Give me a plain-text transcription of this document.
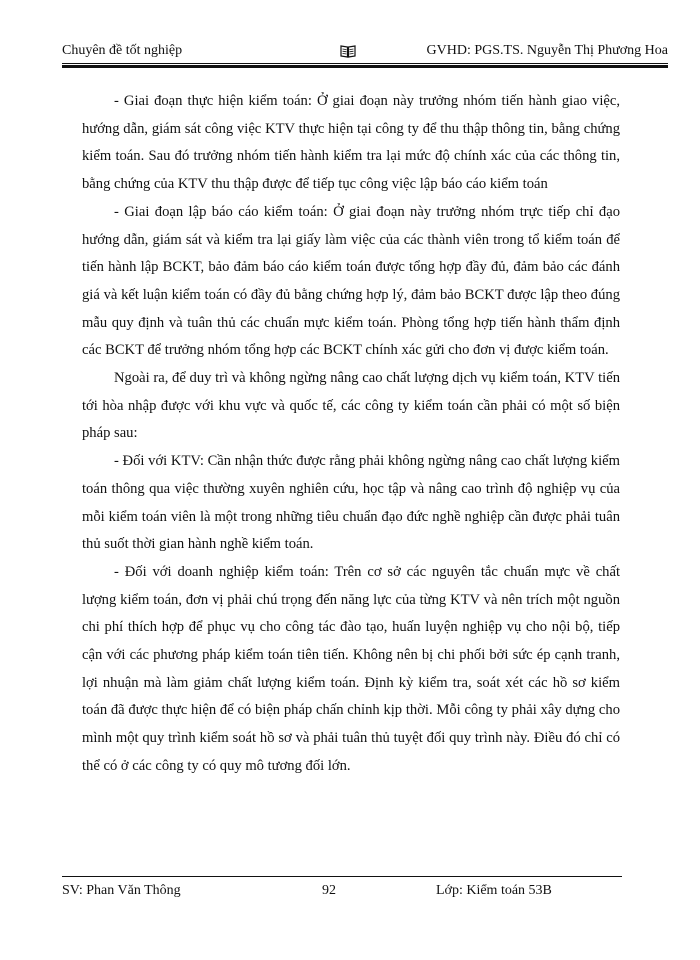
Chuyên đề tốt nghiệp	GVHD: PGS.TS. Nguyễn Thị Phương Hoa

- Giai đoạn thực hiện kiểm toán: Ở giai đoạn này trưởng nhóm tiến hành giao việc, hướng dẫn, giám sát công việc KTV thực hiện tại công ty để thu thập thông tin, bằng chứng kiểm toán. Sau đó trưởng nhóm tiến hành kiểm tra lại mức độ chính xác của các thông tin, bằng chứng của KTV thu thập được để tiếp tục công việc lập báo cáo kiểm toán

- Giai đoạn lập báo cáo kiểm toán: Ở giai đoạn này trưởng nhóm trực tiếp chỉ đạo hướng dẫn, giám sát và kiểm tra lại giấy làm việc của các thành viên trong tổ kiểm toán để tiến hành lập BCKT, bảo đảm báo cáo kiểm toán được tổng hợp đầy đủ, đảm bảo các đánh giá và kết luận kiểm toán có đầy đủ bằng chứng hợp lý, đảm bảo BCKT được lập theo đúng mẫu quy định và tuân thủ các chuẩn mực kiểm toán. Phòng tổng hợp tiến hành thẩm định các BCKT để trưởng nhóm tổng hợp các BCKT chính xác gửi cho đơn vị được kiểm toán.

Ngoài ra, để duy trì và không ngừng nâng cao chất lượng dịch vụ kiểm toán, KTV tiến tới hòa nhập được với khu vực và quốc tế, các công ty kiểm toán cần phải có một số biện pháp sau:

- Đối với KTV: Cần nhận thức được rằng phải không ngừng nâng cao chất lượng kiểm toán thông qua việc thường xuyên nghiên cứu, học tập và nâng cao trình độ nghiệp vụ của mỗi kiểm toán viên là một trong những tiêu chuẩn đạo đức nghề nghiệp cần được phải tuân thủ suốt thời gian hành nghề kiểm toán.

- Đối với doanh nghiệp kiểm toán: Trên cơ sở các nguyên tắc chuẩn mực về chất lượng kiểm toán, đơn vị phải chú trọng đến năng lực của từng KTV và nên trích một nguồn chi phí thích hợp để phục vụ cho công tác đào tạo, huấn luyện nghiệp vụ cho nội bộ, tiếp cận với các phương pháp kiểm toán tiên tiến. Không nên bị chi phối bởi sức ép cạnh tranh, lợi nhuận mà làm giảm chất lượng kiểm toán. Định kỳ kiểm tra, soát xét các hồ sơ kiểm toán đã được thực hiện để có biện pháp chấn chỉnh kịp thời. Mỗi công ty phải xây dựng cho mình một quy trình kiểm soát hồ sơ và phải tuân thủ tuyệt đối quy trình này. Điều đó chỉ có thể có ở các công ty có quy mô tương đối lớn.

SV: Phan Văn Thông	92	Lớp: Kiểm toán 53B
